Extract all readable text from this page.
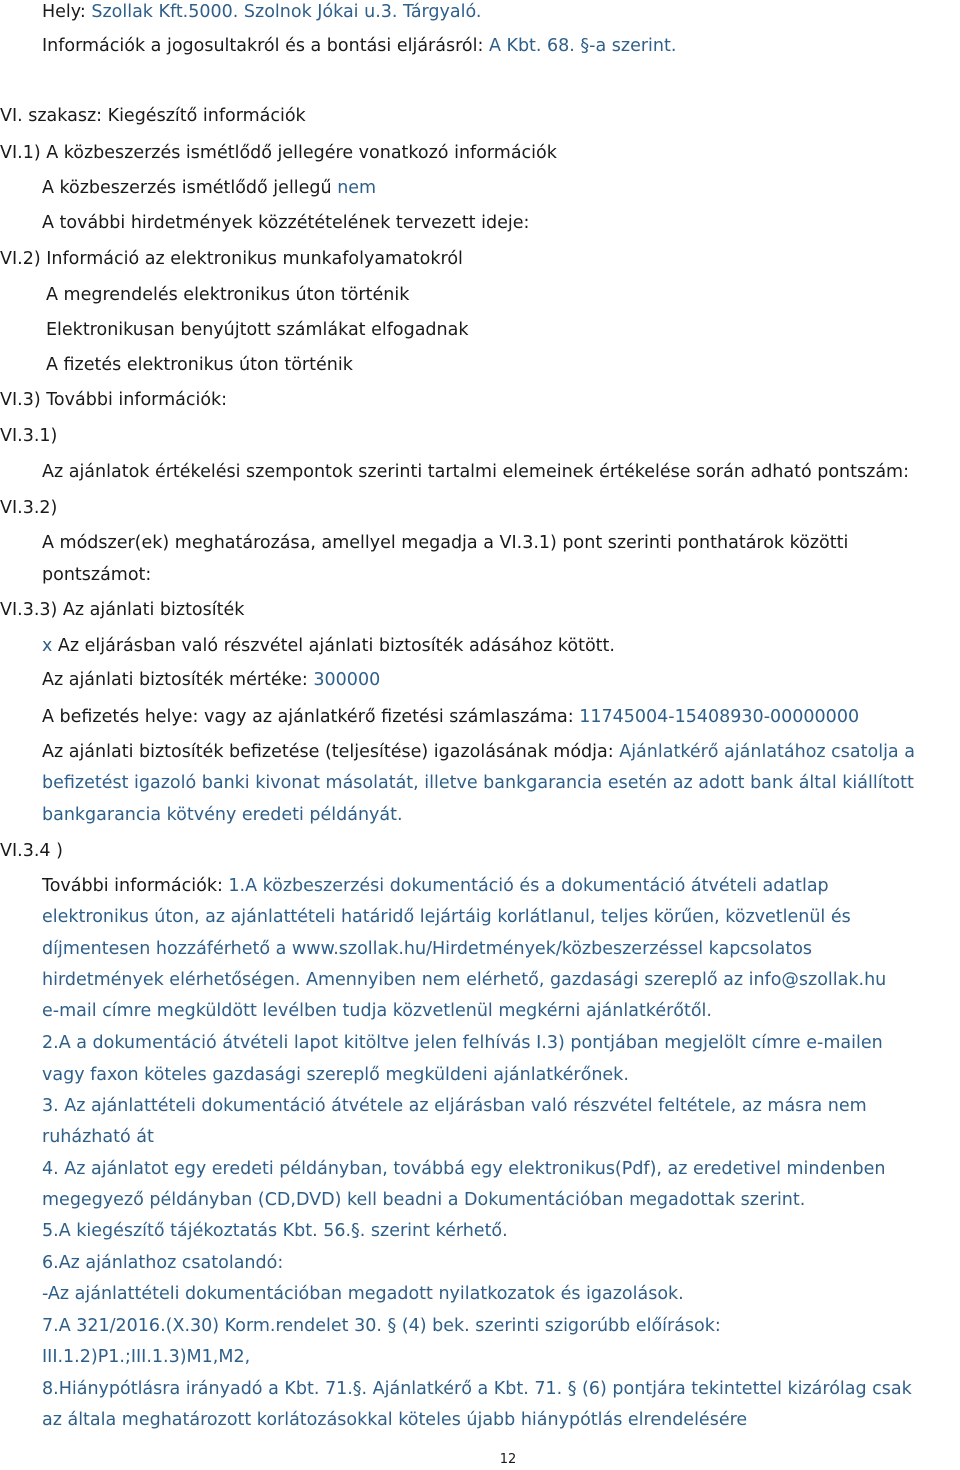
Hely: Szollak Kft.5000. Szolnok Jókai u.3. Tárgyaló.
Információk a jogosultakról és a bontási eljárásról: A Kbt. 68. §-a szerint.
VI. szakasz: Kiegészítő információk
VI.1) A közbeszerzés ismétlődő jellegére vonatkozó információk
A közbeszerzés ismétlődő jellegű nem
A további hirdetmények közzétételének tervezett ideje:
VI.2) Információ az elektronikus munkafolyamatokról
A megrendelés elektronikus úton történik
Elektronikusan benyújtott számlákat elfogadnak
A fizetés elektronikus úton történik
VI.3) További információk:
VI.3.1)
Az ajánlatok értékelési szempontok szerinti tartalmi elemeinek értékelése során adható pontszám:
VI.3.2)
A módszer(ek) meghatározása, amellyel megadja a VI.3.1) pont szerinti ponthatárok közötti
pontszámot:
VI.3.3) Az ajánlati biztosíték
x Az eljárásban való részvétel ajánlati biztosíték adásához kötött.
Az ajánlati biztosíték mértéke: 300000
A befizetés helye: vagy az ajánlatkérő fizetési számlaszáma: 11745004-15408930-00000000
Az ajánlati biztosíték befizetése (teljesítése) igazolásának módja: Ajánlatkérő ajánlatához csatolja a
befizetést igazoló banki kivonat másolatát, illetve bankgarancia esetén az adott bank által kiállított
bankgarancia kötvény eredeti példányát.
VI.3.4 )
További információk: 1.A közbeszerzési dokumentáció és a dokumentáció átvételi adatlap
elektronikus úton, az ajánlattételi határidő lejártáig korlátlanul, teljes körűen, közvetlenül és
díjmentesen hozzáférhető a www.szollak.hu/Hirdetmények/közbeszerzéssel kapcsolatos
hirdetmények elérhetőségen. Amennyiben nem elérhető, gazdasági szereplő az info@szollak.hu
e-mail címre megküldött levélben tudja közvetlenül megkérni ajánlatkérőtől.
2.A a dokumentáció átvételi lapot kitöltve jelen felhívás I.3) pontjában megjelölt címre e-mailen
vagy faxon köteles gazdasági szereplő megküldeni ajánlatkérőnek.
3. Az ajánlattételi dokumentáció átvétele az eljárásban való részvétel feltétele, az másra nem
ruházható át
4. Az ajánlatot egy eredeti példányban, továbbá egy elektronikus(Pdf), az eredetivel mindenben
megegyező példányban (CD,DVD) kell beadni a Dokumentációban megadottak szerint.
5.A kiegészítő tájékoztatás Kbt. 56.§. szerint kérhető.
6.Az ajánlathoz csatolandó:
-Az ajánlattételi dokumentációban megadott nyilatkozatok és igazolások.
7.A 321/2016.(X.30) Korm.rendelet 30. § (4) bek. szerinti szigorúbb előírások:
III.1.2)P1.;III.1.3)M1,M2,
8.Hiánypótlásra irányadó a Kbt. 71.§. Ajánlatkérő a Kbt. 71. § (6) pontjára tekintettel kizárólag csak
az általa meghatározott korlátozásokkal köteles újabb hiánypótlás elrendelésére
12
